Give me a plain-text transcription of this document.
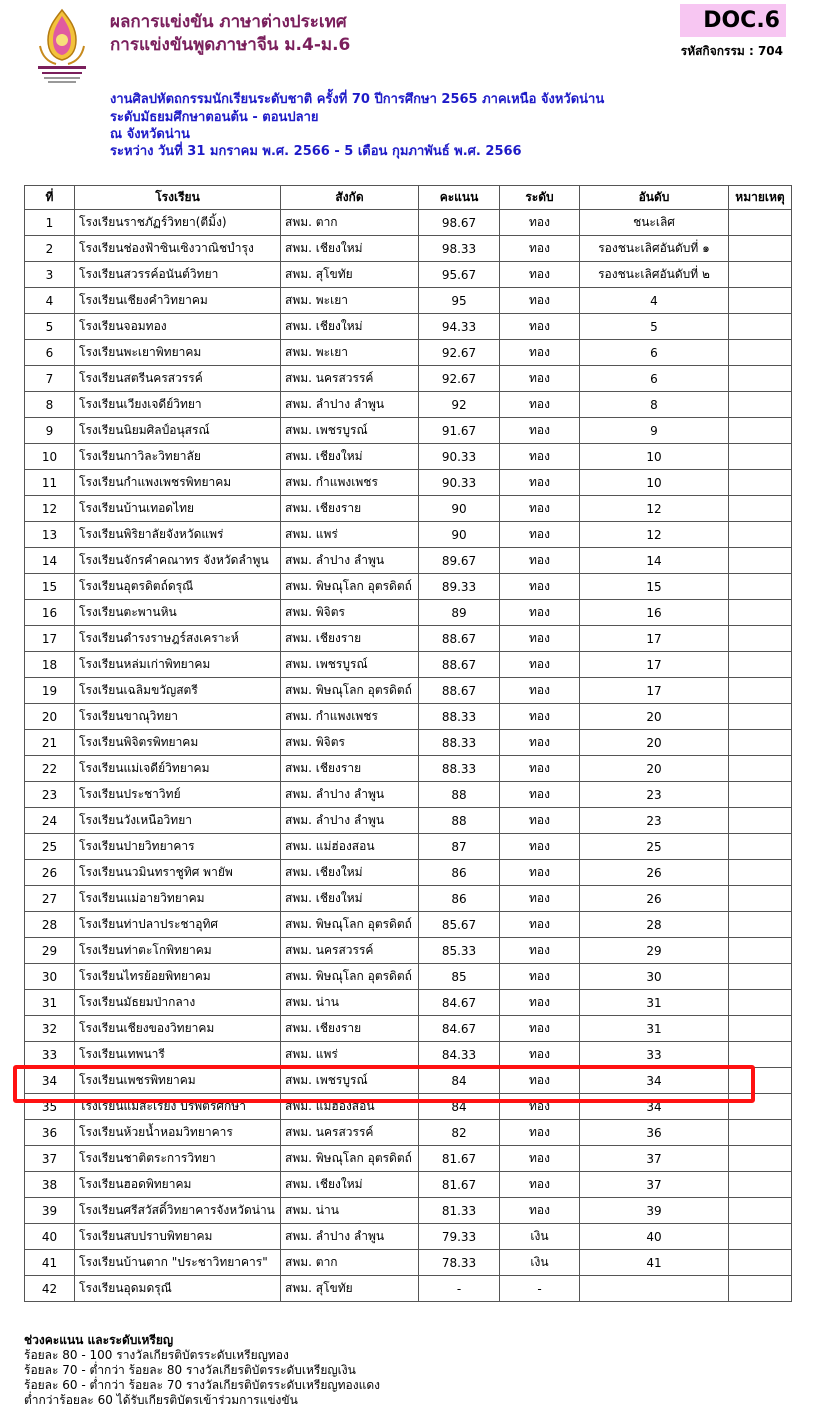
ผลการแข่งขัน ภาษาต่างประเทศ
การแข่งขันพูดภาษาจีน ม.4-ม.6
DOC.6
รหัสกิจกรรม : 704
งานศิลปหัตถกรรมนักเรียนระดับชาติ ครั้งที่ 70 ปีการศึกษา 2565 ภาคเหนือ จังหวัดน่าน
ระดับมัธยมศึกษาตอนต้น - ตอนปลาย
ณ จังหวัดน่าน
ระหว่าง วันที่ 31 มกราคม พ.ศ. 2566 - 5 เดือน กุมภาพันธ์ พ.ศ. 2566
ที่	โรงเรียน	สังกัด	คะแนน	ระดับ	อันดับ	หมายเหตุ
1	โรงเรียนราชภัฏร์วิทยา(ตีมิ้ง)	สพม. ตาก	98.67	ทอง	ชนะเลิศ	
2	โรงเรียนช่องฟ้าซินเซิงวาณิชบำรุง	สพม. เชียงใหม่	98.33	ทอง	รองชนะเลิศอันดับที่ ๑	
3	โรงเรียนสวรรค์อนันต์วิทยา	สพม. สุโขทัย	95.67	ทอง	รองชนะเลิศอันดับที่ ๒	
4	โรงเรียนเชียงคำวิทยาคม	สพม. พะเยา	95	ทอง	4	
5	โรงเรียนจอมทอง	สพม. เชียงใหม่	94.33	ทอง	5	
6	โรงเรียนพะเยาพิทยาคม	สพม. พะเยา	92.67	ทอง	6	
7	โรงเรียนสตรีนครสวรรค์	สพม. นครสวรรค์	92.67	ทอง	6	
8	โรงเรียนเวียงเจดีย์วิทยา	สพม. ลำปาง ลำพูน	92	ทอง	8	
9	โรงเรียนนิยมศิลป์อนุสรณ์	สพม. เพชรบูรณ์	91.67	ทอง	9	
10	โรงเรียนกาวิละวิทยาลัย	สพม. เชียงใหม่	90.33	ทอง	10	
11	โรงเรียนกำแพงเพชรพิทยาคม	สพม. กำแพงเพชร	90.33	ทอง	10	
12	โรงเรียนบ้านเทอดไทย	สพม. เชียงราย	90	ทอง	12	
13	โรงเรียนพิริยาลัยจังหวัดแพร่	สพม. แพร่	90	ทอง	12	
14	โรงเรียนจักรคำคณาทร จังหวัดลำพูน	สพม. ลำปาง ลำพูน	89.67	ทอง	14	
15	โรงเรียนอุตรดิตถ์ดรุณี	สพม. พิษณุโลก อุตรดิตถ์	89.33	ทอง	15	
16	โรงเรียนตะพานหิน	สพม. พิจิตร	89	ทอง	16	
17	โรงเรียนดำรงราษฎร์สงเคราะห์	สพม. เชียงราย	88.67	ทอง	17	
18	โรงเรียนหล่มเก่าพิทยาคม	สพม. เพชรบูรณ์	88.67	ทอง	17	
19	โรงเรียนเฉลิมขวัญสตรี	สพม. พิษณุโลก อุตรดิตถ์	88.67	ทอง	17	
20	โรงเรียนขาณุวิทยา	สพม. กำแพงเพชร	88.33	ทอง	20	
21	โรงเรียนพิจิตรพิทยาคม	สพม. พิจิตร	88.33	ทอง	20	
22	โรงเรียนแม่เจดีย์วิทยาคม	สพม. เชียงราย	88.33	ทอง	20	
23	โรงเรียนประชาวิทย์	สพม. ลำปาง ลำพูน	88	ทอง	23	
24	โรงเรียนวังเหนือวิทยา	สพม. ลำปาง ลำพูน	88	ทอง	23	
25	โรงเรียนปายวิทยาคาร	สพม. แม่ฮ่องสอน	87	ทอง	25	
26	โรงเรียนนวมินทราชูทิศ พายัพ	สพม. เชียงใหม่	86	ทอง	26	
27	โรงเรียนแม่อายวิทยาคม	สพม. เชียงใหม่	86	ทอง	26	
28	โรงเรียนท่าปลาประชาอุทิศ	สพม. พิษณุโลก อุตรดิตถ์	85.67	ทอง	28	
29	โรงเรียนท่าตะโกพิทยาคม	สพม. นครสวรรค์	85.33	ทอง	29	
30	โรงเรียนไทรย้อยพิทยาคม	สพม. พิษณุโลก อุตรดิตถ์	85	ทอง	30	
31	โรงเรียนมัธยมป่ากลาง	สพม. น่าน	84.67	ทอง	31	
32	โรงเรียนเชียงของวิทยาคม	สพม. เชียงราย	84.67	ทอง	31	
33	โรงเรียนเทพนารี	สพม. แพร่	84.33	ทอง	33	
34	โรงเรียนเพชรพิทยาคม	สพม. เพชรบูรณ์	84	ทอง	34	
35	โรงเรียนแม่สะเรียง บริพัตรศึกษา	สพม. แม่ฮ่องสอน	84	ทอง	34	
36	โรงเรียนห้วยน้ำหอมวิทยาคาร	สพม. นครสวรรค์	82	ทอง	36	
37	โรงเรียนชาติตระการวิทยา	สพม. พิษณุโลก อุตรดิตถ์	81.67	ทอง	37	
38	โรงเรียนฮอดพิทยาคม	สพม. เชียงใหม่	81.67	ทอง	37	
39	โรงเรียนศรีสวัสดิ์วิทยาคารจังหวัดน่าน	สพม. น่าน	81.33	ทอง	39	
40	โรงเรียนสบปราบพิทยาคม	สพม. ลำปาง ลำพูน	79.33	เงิน	40	
41	โรงเรียนบ้านตาก "ประชาวิทยาคาร"	สพม. ตาก	78.33	เงิน	41	
42	โรงเรียนอุดมดรุณี	สพม. สุโขทัย	-	-		
ช่วงคะแนน และระดับเหรียญ
ร้อยละ 80 - 100 รางวัลเกียรติบัตรระดับเหรียญทอง
ร้อยละ 70 - ต่ำกว่า ร้อยละ 80 รางวัลเกียรติบัตรระดับเหรียญเงิน
ร้อยละ 60 - ต่ำกว่า ร้อยละ 70 รางวัลเกียรติบัตรระดับเหรียญทองแดง
ต่ำกว่าร้อยละ 60 ได้รับเกียรติบัตรเข้าร่วมการแข่งขัน
